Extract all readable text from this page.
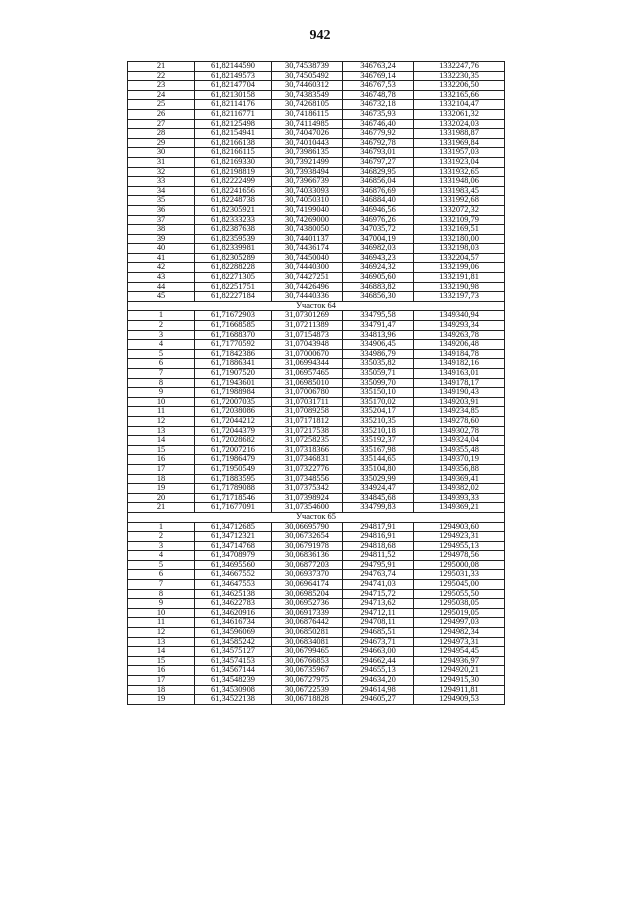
942
21	61,82144590	30,74538739	346763,24	1332247,76
22	61,82149573	30,74505492	346769,14	1332230,35
23	61,82147704	30,74460312	346767,53	1332206,50
24	61,82130158	30,74383549	346748,78	1332165,66
25	61,82114176	30,74268105	346732,18	1332104,47
26	61,82116771	30,74186115	346735,93	1332061,32
27	61,82125498	30,74114985	346746,40	1332024,03
28	61,82154941	30,74047026	346779,92	1331988,87
29	61,82166138	30,74010443	346792,78	1331969,84
30	61,82166115	30,73986135	346793,01	1331957,03
31	61,82169330	30,73921499	346797,27	1331923,04
32	61,82198819	30,73938494	346829,95	1331932,65
33	61,82222499	30,73966739	346856,04	1331948,06
34	61,82241656	30,74033093	346876,69	1331983,45
35	61,82248738	30,74050310	346884,40	1331992,68
36	61,82305921	30,74199040	346946,56	1332072,32
37	61,82333233	30,74269000	346976,26	1332109,79
38	61,82387638	30,74380050	347035,72	1332169,51
39	61,82359539	30,74401137	347004,19	1332180,00
40	61,82339981	30,74436174	346982,03	1332198,03
41	61,82305289	30,74450040	346943,23	1332204,57
42	61,82288228	30,74440300	346924,32	1332199,06
43	61,82271305	30,74427251	346905,60	1332191,81
44	61,82251751	30,74426496	346883,82	1332190,98
45	61,82227184	30,74440336	346856,30	1332197,73
Участок 64				
1	61,71672903	31,07301269	334795,58	1349340,94
2	61,71668585	31,07211389	334791,47	1349293,34
3	61,71688370	31,07154873	334813,96	1349263,78
4	61,71770592	31,07043948	334906,45	1349206,48
5	61,71842386	31,07000670	334986,79	1349184,78
6	61,71886341	31,06994344	335035,82	1349182,16
7	61,71907520	31,06957465	335059,71	1349163,01
8	61,71943601	31,06985010	335099,70	1349178,17
9	61,71988984	31,07006780	335150,10	1349190,43
10	61,72007035	31,07031711	335170,02	1349203,91
11	61,72038086	31,07089258	335204,17	1349234,85
12	61,72044212	31,07171812	335210,35	1349278,60
13	61,72044379	31,07217538	335210,18	1349302,78
14	61,72028682	31,07258235	335192,37	1349324,04
15	61,72007216	31,07318366	335167,98	1349355,48
16	61,71986479	31,07346831	335144,65	1349370,19
17	61,71950549	31,07322776	335104,80	1349356,88
18	61,71883595	31,07348556	335029,99	1349369,41
19	61,71789088	31,07375342	334924,47	1349382,02
20	61,71718546	31,07398924	334845,68	1349393,33
21	61,71677091	31,07354600	334799,83	1349369,21
Участок 65				
1	61,34712685	30,06695790	294817,91	1294903,60
2	61,34712321	30,06732654	294816,91	1294923,31
3	61,34714768	30,06791978	294818,68	1294955,13
4	61,34708979	30,06836136	294811,52	1294978,56
5	61,34695560	30,06877203	294795,91	1295000,08
6	61,34667552	30,06937370	294763,74	1295031,33
7	61,34647553	30,06964174	294741,03	1295045,00
8	61,34625138	30,06985204	294715,72	1295055,50
9	61,34622783	30,06952736	294713,62	1295038,05
10	61,34620916	30,06917339	294712,11	1295019,05
11	61,34616734	30,06876442	294708,11	1294997,03
12	61,34596069	30,06850281	294685,51	1294982,34
13	61,34585242	30,06834081	294673,71	1294973,31
14	61,34575127	30,06799465	294663,00	1294954,45
15	61,34574153	30,06766853	294662,44	1294936,97
16	61,34567144	30,06735967	294655,13	1294920,21
17	61,34548239	30,06727975	294634,20	1294915,30
18	61,34530908	30,06722539	294614,98	1294911,81
19	61,34522138	30,06718828	294605,27	1294909,53
